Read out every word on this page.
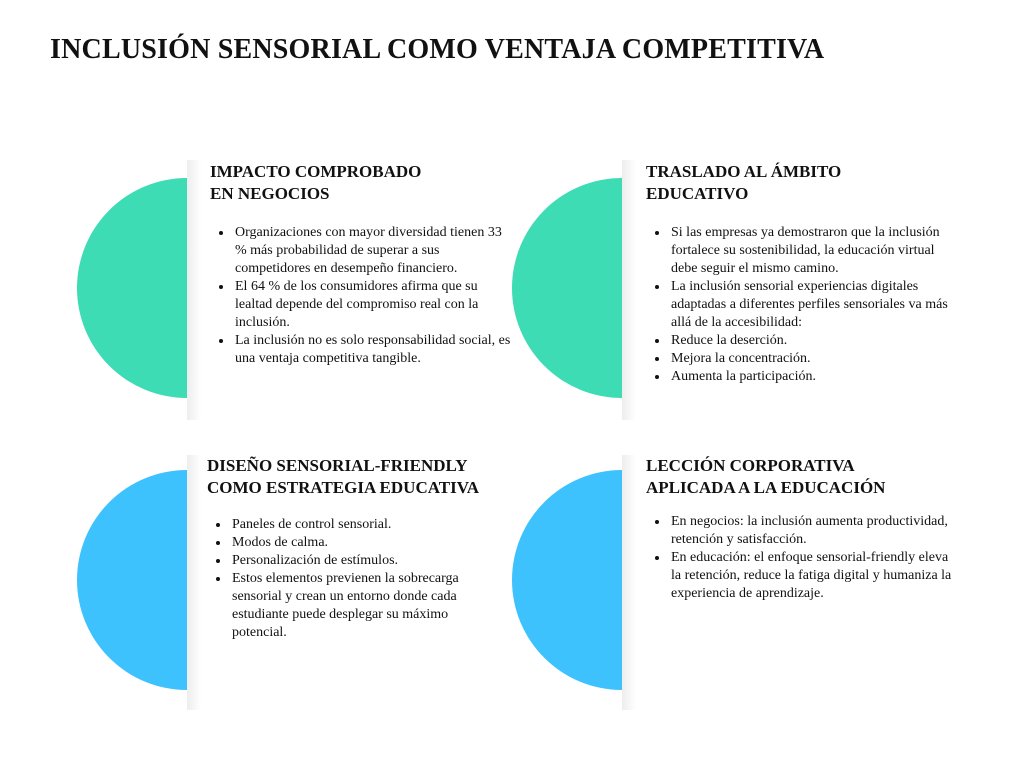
INCLUSIÓN SENSORIAL COMO VENTAJA COMPETITIVA
IMPACTO COMPROBADO
EN NEGOCIOS
• Organizaciones con mayor diversidad tienen 33 % más probabilidad de superar a sus competidores en desempeño financiero.
• El 64 % de los consumidores afirma que su lealtad depende del compromiso real con la inclusión.
• La inclusión no es solo responsabilidad social, es una ventaja competitiva tangible.
TRASLADO AL ÁMBITO
EDUCATIVO
• Si las empresas ya demostraron que la inclusión fortalece su sostenibilidad, la educación virtual debe seguir el mismo camino.
• La inclusión sensorial experiencias digitales adaptadas a diferentes perfiles sensoriales va más allá de la accesibilidad:
• Reduce la deserción.
• Mejora la concentración.
• Aumenta la participación.
DISEÑO SENSORIAL-FRIENDLY
COMO ESTRATEGIA EDUCATIVA
• Paneles de control sensorial.
• Modos de calma.
• Personalización de estímulos.
• Estos elementos previenen la sobrecarga sensorial y crean un entorno donde cada estudiante puede desplegar su máximo potencial.
LECCIÓN CORPORATIVA
APLICADA A LA EDUCACIÓN
• En negocios: la inclusión aumenta productividad, retención y satisfacción.
• En educación: el enfoque sensorial-friendly eleva la retención, reduce la fatiga digital y humaniza la experiencia de aprendizaje.
